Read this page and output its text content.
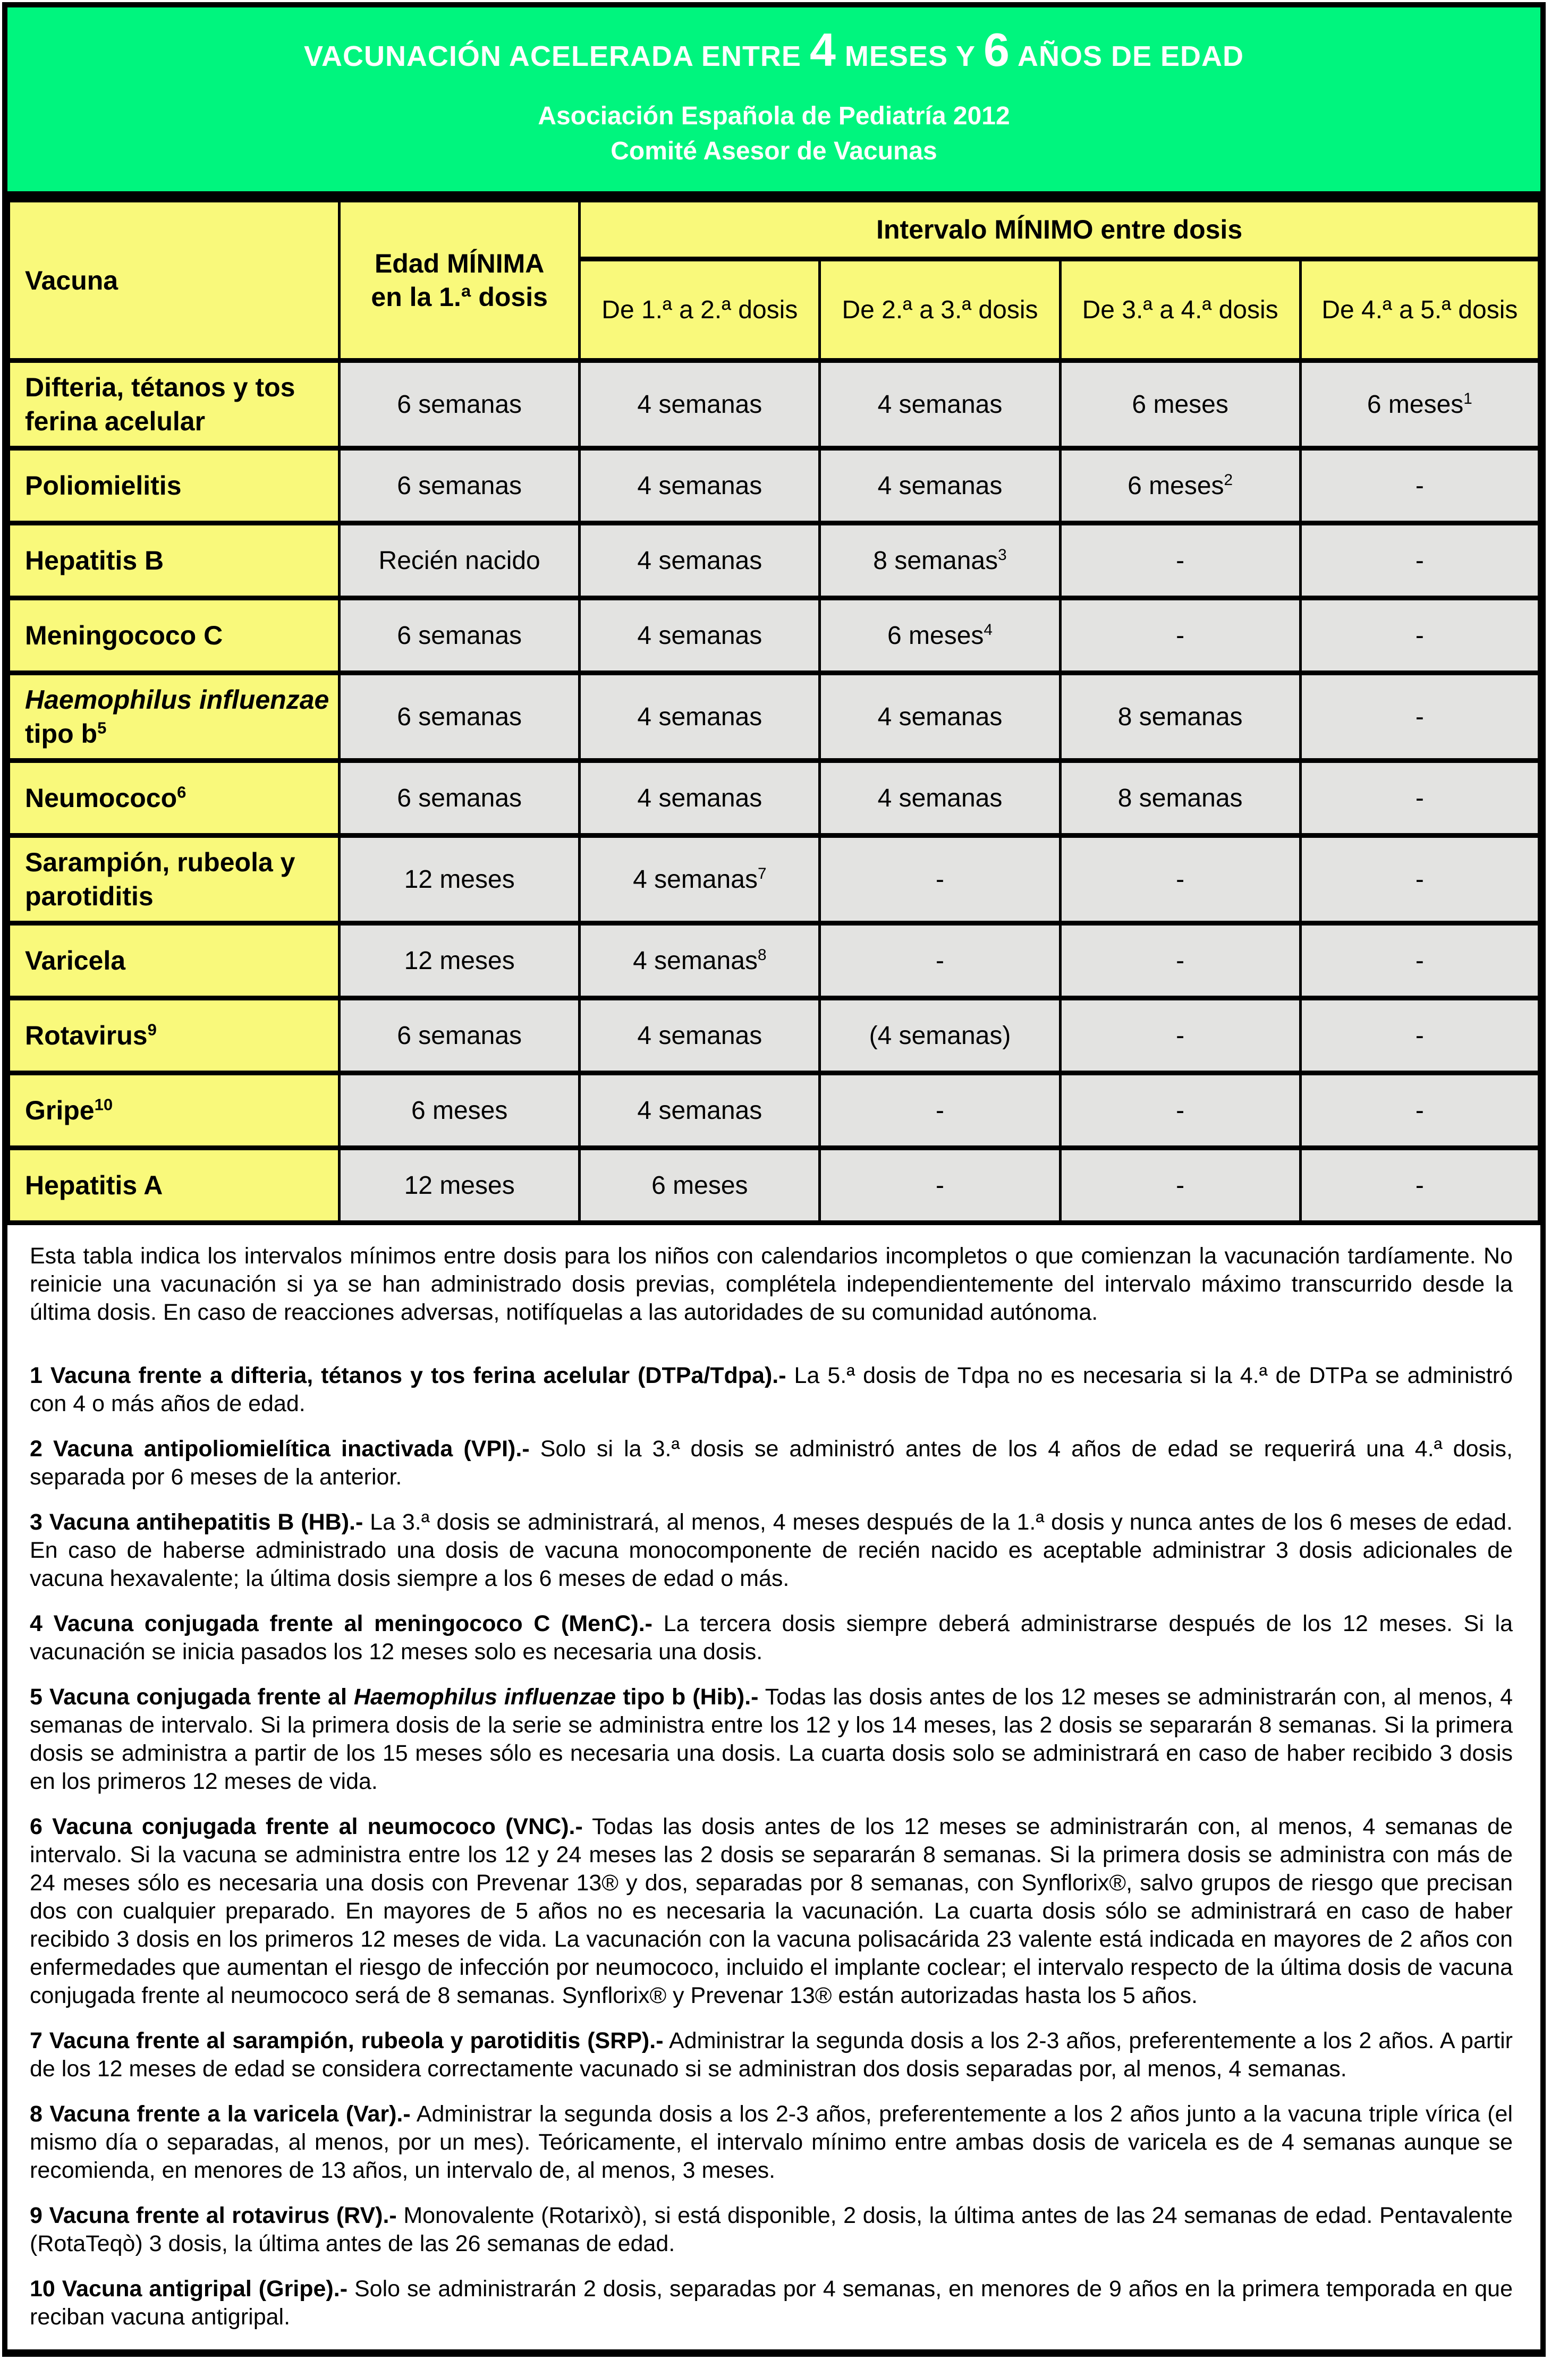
VACUNACIÓN ACELERADA ENTRE 4 MESES Y 6 AÑOS DE EDAD
Asociación Española de Pediatría 2012
Comité Asesor de Vacunas
Vacuna	Edad MÍNIMA en la 1.ª dosis	Intervalo MÍNIMO entre dosis			
		De 1.ª a 2.ª dosis	De 2.ª a 3.ª dosis	De 3.ª a 4.ª dosis	De 4.ª a 5.ª dosis
Difteria, tétanos y tos ferina acelular	6 semanas	4 semanas	4 semanas	6 meses	6 meses$^1$
Poliomielitis	6 semanas	4 semanas	4 semanas	6 meses$^2$	-
Hepatitis B	Recién nacido	4 semanas	8 semanas$^3$	-	-
Meningococo C	6 semanas	4 semanas	6 meses$^4$	-	-
Haemophilus influenzae tipo $b^5$	6 semanas	4 semanas	4 semanas	8 semanas	-
Neumococo$^6$	6 semanas	4 semanas	4 semanas	8 semanas	-
Sarampión, rubeola y parotiditis	12 meses	4 semanas$^7$	-	-	-
Varicela	12 meses	4 semanas$^8$	-	-	-
Rotavirus$^9$	6 semanas	4 semanas	(4 semanas)	-	-
Gripe$^{10}$	6 meses	4 semanas	-	-	-
Hepatitis A	12 meses	6 meses	-	-	-

Esta tabla indica los intervalos mínimos entre dosis para los niños con calendarios incompletos o que comienzan la vacunación tardíamente. No reinicie una vacunación si ya se han administrado dosis previas, complétela independientemente del intervalo máximo transcurrido desde la última dosis. En caso de reacciones adversas, notifíquelas a las autoridades de su comunidad autónoma.

1 Vacuna frente a difteria, tétanos y tos ferina acelular (DTPa/Tdpa).- La 5.ª dosis de Tdpa no es necesaria si la 4.ª de DTPa se administró con 4 o más años de edad.

2 Vacuna antipoliomielítica inactivada (VPI).- Solo si la 3.ª dosis se administró antes de los 4 años de edad se requerirá una 4.ª dosis, separada por 6 meses de la anterior.

3 Vacuna antihepatitis B (HB).- La 3.ª dosis se administrará, al menos, 4 meses después de la 1.ª dosis y nunca antes de los 6 meses de edad. En caso de haberse administrado una dosis de vacuna monocomponente de recién nacido es aceptable administrar 3 dosis adicionales de vacuna hexavalente; la última dosis siempre a los 6 meses de edad o más.

4 Vacuna conjugada frente al meningococo C (MenC).- La tercera dosis siempre deberá administrarse después de los 12 meses. Si la vacunación se inicia pasados los 12 meses solo es necesaria una dosis.

5 Vacuna conjugada frente al Haemophilus influenzae tipo b (Hib).- Todas las dosis antes de los 12 meses se administrarán con, al menos, 4 semanas de intervalo. Si la primera dosis de la serie se administra entre los 12 y los 14 meses, las 2 dosis se separarán 8 semanas. Si la primera dosis se administra a partir de los 15 meses sólo es necesaria una dosis. La cuarta dosis solo se administrará en caso de haber recibido 3 dosis en los primeros 12 meses de vida.

6 Vacuna conjugada frente al neumococo (VNC).- Todas las dosis antes de los 12 meses se administrarán con, al menos, 4 semanas de intervalo. Si la vacuna se administra entre los 12 y 24 meses las 2 dosis se separarán 8 semanas. Si la primera dosis se administra con más de 24 meses sólo es necesaria una dosis con Prevenar 13® y dos, separadas por 8 semanas, con Synflorix®, salvo grupos de riesgo que precisan dos con cualquier preparado. En mayores de 5 años no es necesaria la vacunación. La cuarta dosis sólo se administrará en caso de haber recibido 3 dosis en los primeros 12 meses de vida. La vacunación con la vacuna polisacárida 23 valente está indicada en mayores de 2 años con enfermedades que aumentan el riesgo de infección por neumococo, incluido el implante coclear; el intervalo respecto de la última dosis de vacuna conjugada frente al neumococo será de 8 semanas. Synflorix® y Prevenar 13® están autorizadas hasta los 5 años.

7 Vacuna frente al sarampión, rubeola y parotiditis (SRP).- Administrar la segunda dosis a los 2-3 años, preferentemente a los 2 años. A partir de los 12 meses de edad se considera correctamente vacunado si se administran dos dosis separadas por, al menos, 4 semanas.

8 Vacuna frente a la varicela (Var).- Administrar la segunda dosis a los 2-3 años, preferentemente a los 2 años junto a la vacuna triple vírica (el mismo día o separadas, al menos, por un mes). Teóricamente, el intervalo mínimo entre ambas dosis de varicela es de 4 semanas aunque se recomienda, en menores de 13 años, un intervalo de, al menos, 3 meses.

9 Vacuna frente al rotavirus (RV).- Monovalente (Rotarixò), si está disponible, 2 dosis, la última antes de las 24 semanas de edad. Pentavalente (RotaTeqò) 3 dosis, la última antes de las 26 semanas de edad.

10 Vacuna antigripal (Gripe).- Solo se administrarán 2 dosis, separadas por 4 semanas, en menores de 9 años en la primera temporada en que reciban vacuna antigripal.
